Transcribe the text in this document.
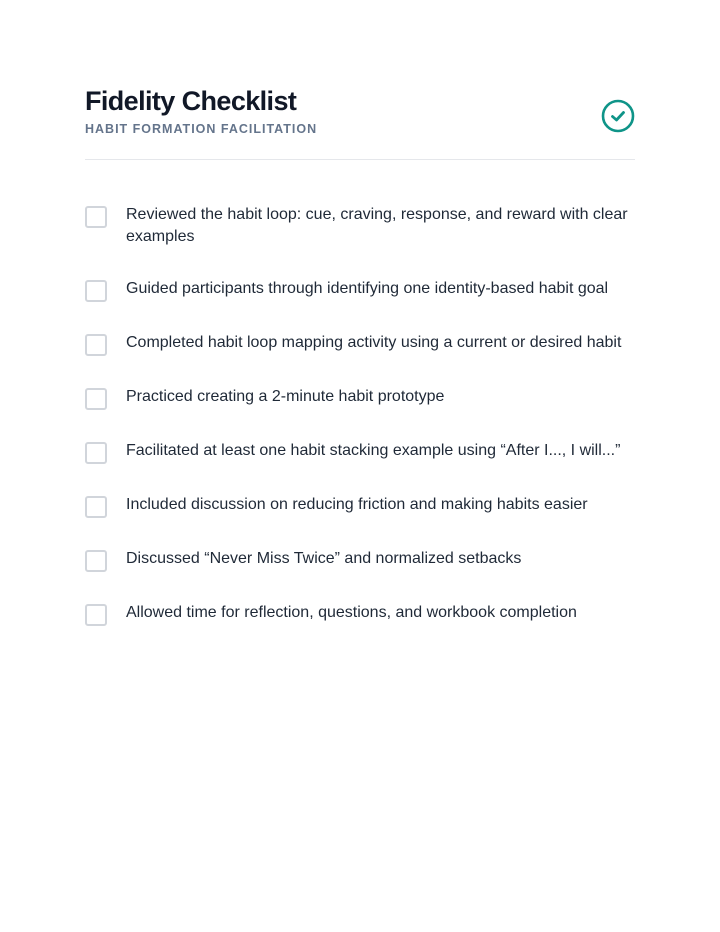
Fidelity Checklist
HABIT FORMATION FACILITATION
Reviewed the habit loop: cue, craving, response, and reward with clear examples
Guided participants through identifying one identity-based habit goal
Completed habit loop mapping activity using a current or desired habit
Practiced creating a 2-minute habit prototype
Facilitated at least one habit stacking example using “After I..., I will...”
Included discussion on reducing friction and making habits easier
Discussed “Never Miss Twice” and normalized setbacks
Allowed time for reflection, questions, and workbook completion
